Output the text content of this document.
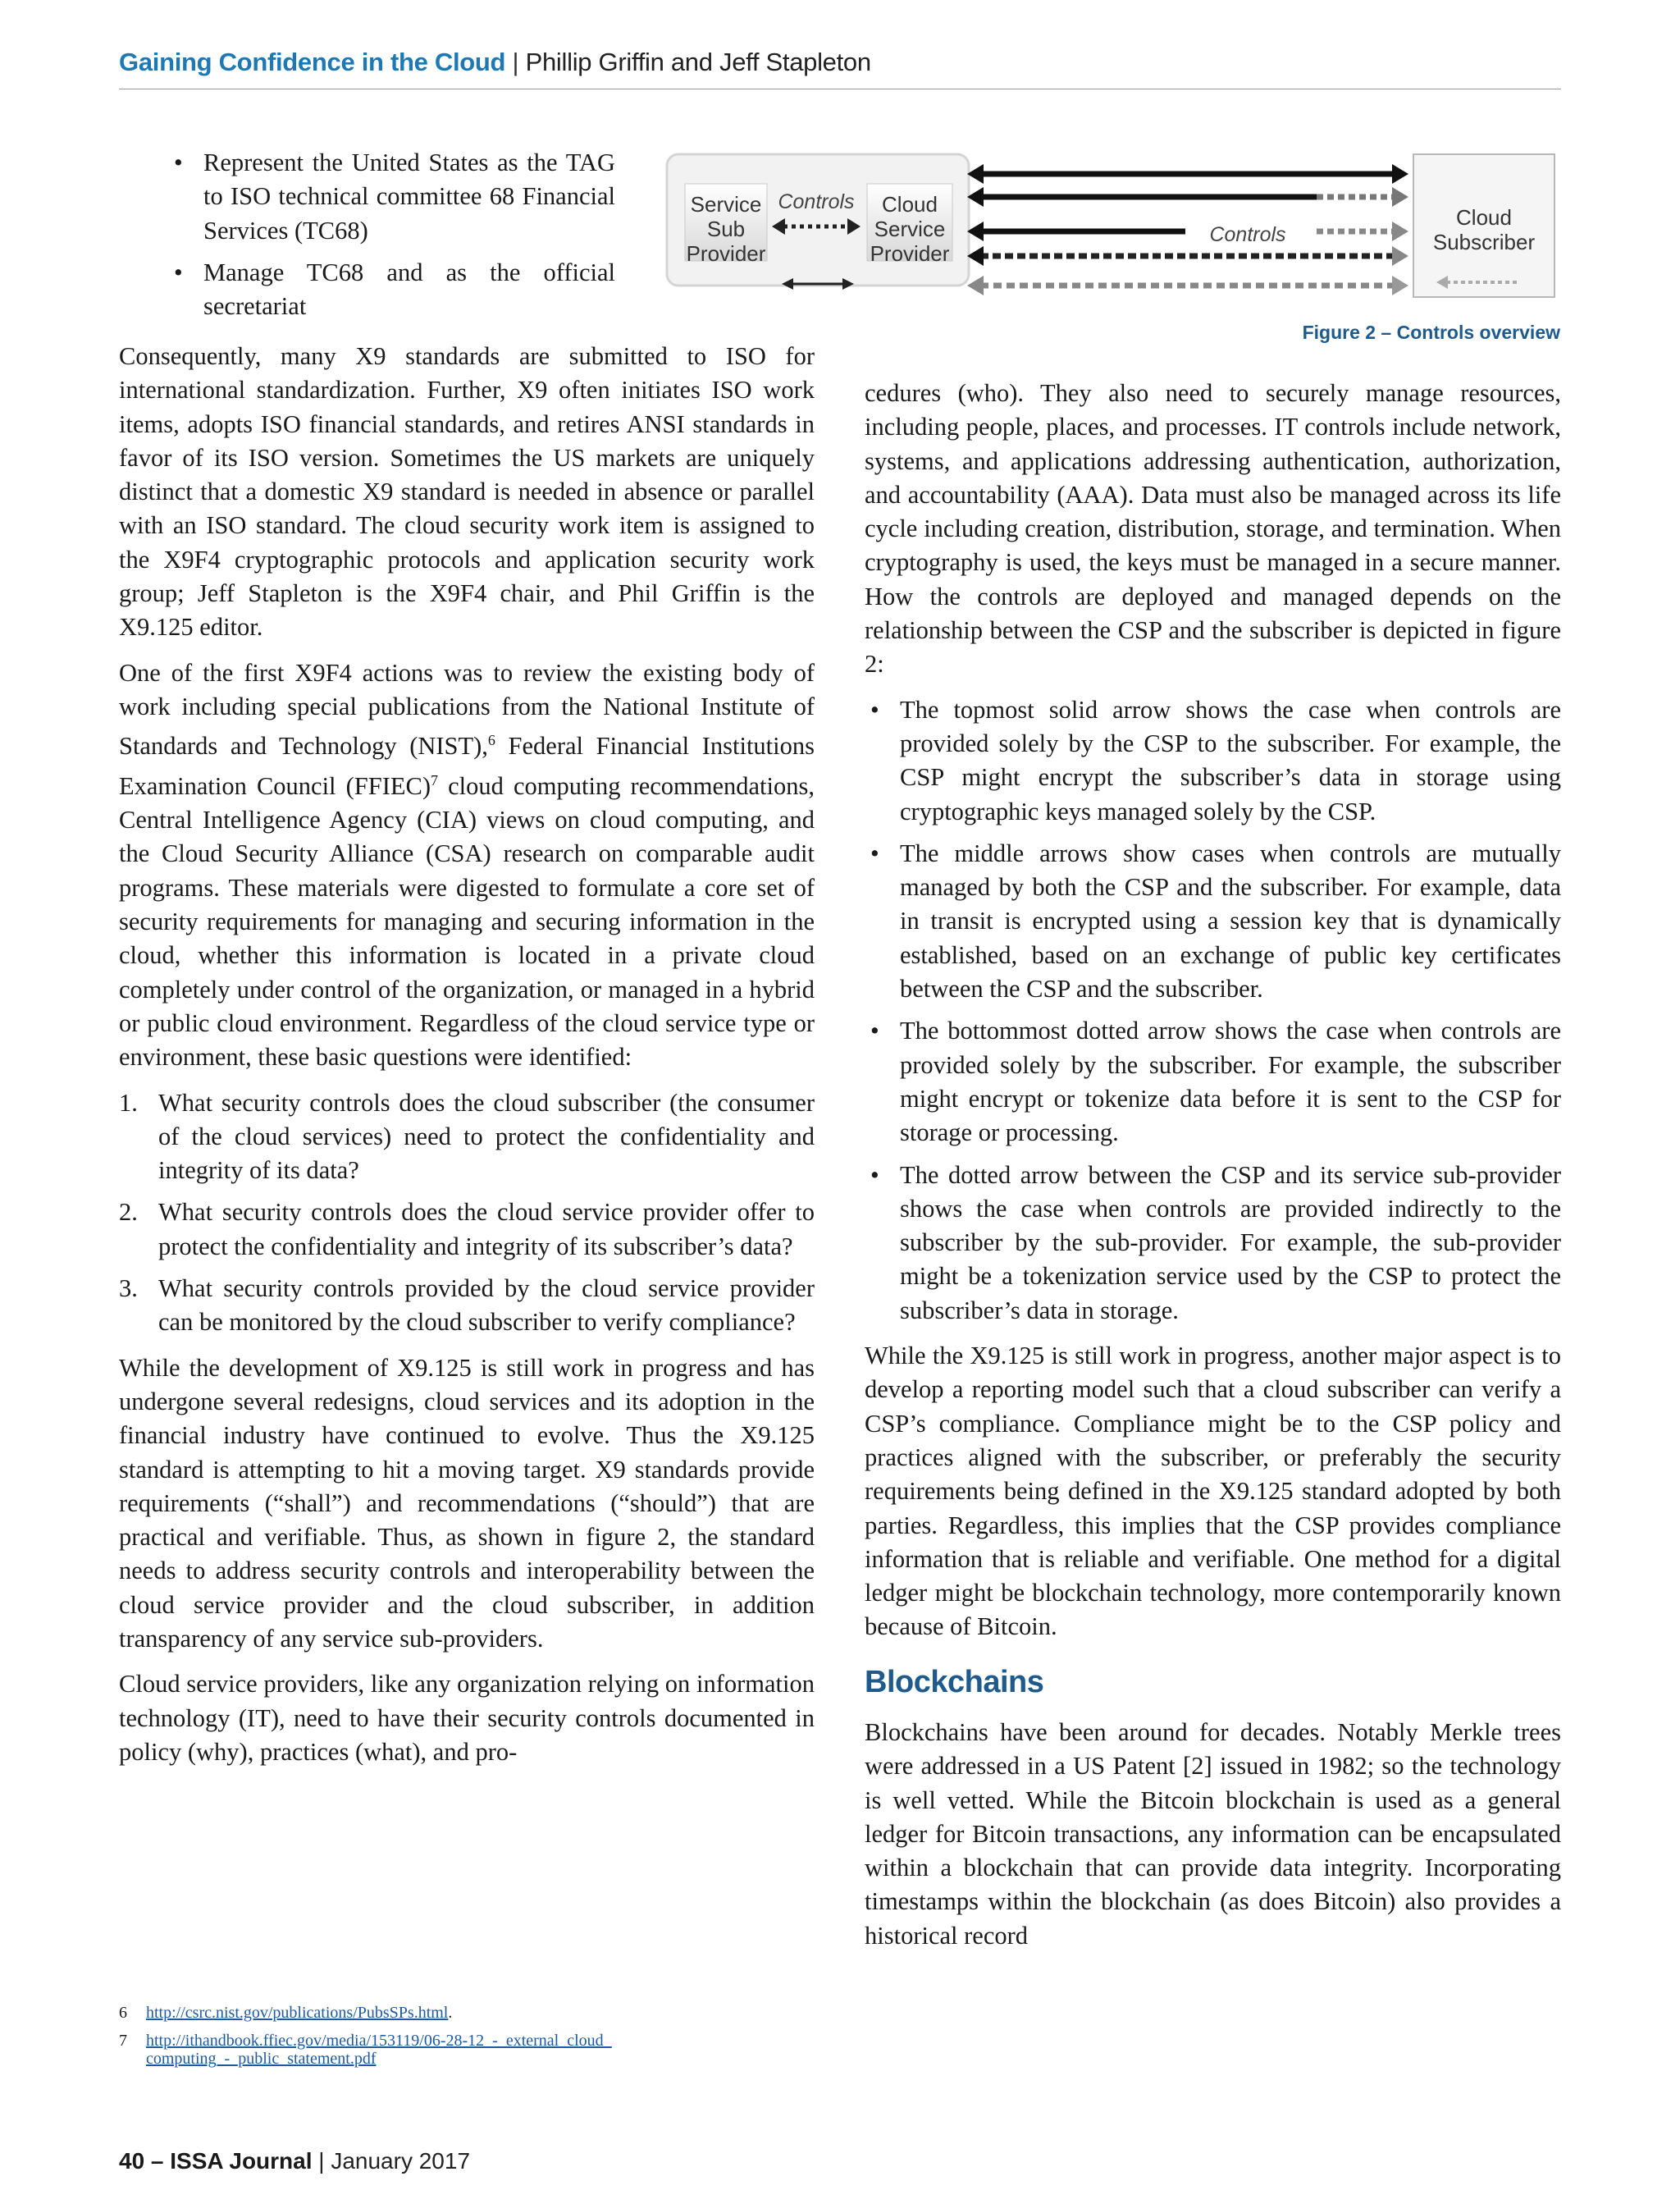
Gaining Confidence in the Cloud | Phillip Griffin and Jeff Stapleton
Service
Sub
Provider
Cloud
Service
Provider
Cloud
Subscriber
Controls
Controls
Figure 2 – Controls overview
• Represent the United States as the TAG to ISO technical committee 68 Financial Services (TC68)
• Manage TC68 and as the official secretariat

Consequently, many X9 standards are submitted to ISO for international standardization. Further, X9 often initiates ISO work items, adopts ISO financial standards, and retires ANSI standards in favor of its ISO version. Sometimes the US markets are uniquely distinct that a domestic X9 standard is needed in absence or parallel with an ISO standard. The cloud security work item is assigned to the X9F4 cryptographic protocols and application security work group; Jeff Stapleton is the X9F4 chair, and Phil Griffin is the X9.125 editor.

One of the first X9F4 actions was to review the existing body of work including special publications from the National Institute of Standards and Technology (NIST),$^6$ Federal Financial Institutions Examination Council (FFIEC)$^7$ cloud computing recommendations, Central Intelligence Agency (CIA) views on cloud computing, and the Cloud Security Alliance (CSA) research on comparable audit programs. These materials were digested to formulate a core set of security requirements for managing and securing information in the cloud, whether this information is located in a private cloud completely under control of the organization, or managed in a hybrid or public cloud environment. Regardless of the cloud service type or environment, these basic questions were identified:

1. What security controls does the cloud subscriber (the consumer of the cloud services) need to protect the confidentiality and integrity of its data?
2. What security controls does the cloud service provider offer to protect the confidentiality and integrity of its subscriber’s data?
3. What security controls provided by the cloud service provider can be monitored by the cloud subscriber to verify compliance?

While the development of X9.125 is still work in progress and has undergone several redesigns, cloud services and its adoption in the financial industry have continued to evolve. Thus the X9.125 standard is attempting to hit a moving target. X9 standards provide requirements (“shall”) and recommendations (“should”) that are practical and verifiable. Thus, as shown in figure 2, the standard needs to address security controls and interoperability between the cloud service provider and the cloud subscriber, in addition transparency of any service sub-providers.

Cloud service providers, like any organization relying on information technology (IT), need to have their security controls documented in policy (why), practices (what), and pro-

cedures (who). They also need to securely manage resources, including people, places, and processes. IT controls include network, systems, and applications addressing authentication, authorization, and accountability (AAA). Data must also be managed across its life cycle including creation, distribution, storage, and termination. When cryptography is used, the keys must be managed in a secure manner. How the controls are deployed and managed depends on the relationship between the CSP and the subscriber is depicted in figure 2:

• The topmost solid arrow shows the case when controls are provided solely by the CSP to the subscriber. For example, the CSP might encrypt the subscriber’s data in storage using cryptographic keys managed solely by the CSP.
• The middle arrows show cases when controls are mutually managed by both the CSP and the subscriber. For example, data in transit is encrypted using a session key that is dynamically established, based on an exchange of public key certificates between the CSP and the subscriber.
• The bottommost dotted arrow shows the case when controls are provided solely by the subscriber. For example, the subscriber might encrypt or tokenize data before it is sent to the CSP for storage or processing.
• The dotted arrow between the CSP and its service sub-provider shows the case when controls are provided indirectly to the subscriber by the sub-provider. For example, the sub-provider might be a tokenization service used by the CSP to protect the subscriber’s data in storage.

While the X9.125 is still work in progress, another major aspect is to develop a reporting model such that a cloud subscriber can verify a CSP’s compliance. Compliance might be to the CSP policy and practices aligned with the subscriber, or preferably the security requirements being defined in the X9.125 standard adopted by both parties. Regardless, this implies that the CSP provides compliance information that is reliable and verifiable. One method for a digital ledger might be blockchain technology, more contemporarily known because of Bitcoin.

Blockchains

Blockchains have been around for decades. Notably Merkle trees were addressed in a US Patent [2] issued in 1982; so the technology is well vetted. While the Bitcoin blockchain is used as a general ledger for Bitcoin transactions, any information can be encapsulated within a blockchain that can provide data integrity. Incorporating timestamps within the blockchain (as does Bitcoin) also provides a historical record

6 http://csrc.nist.gov/publications/PubsSPs.html.
7 http://ithandbook.ffiec.gov/media/153119/06-28-12_-_external_cloud_
computing_-_public_statement.pdf
40 – ISSA Journal | January 2017
